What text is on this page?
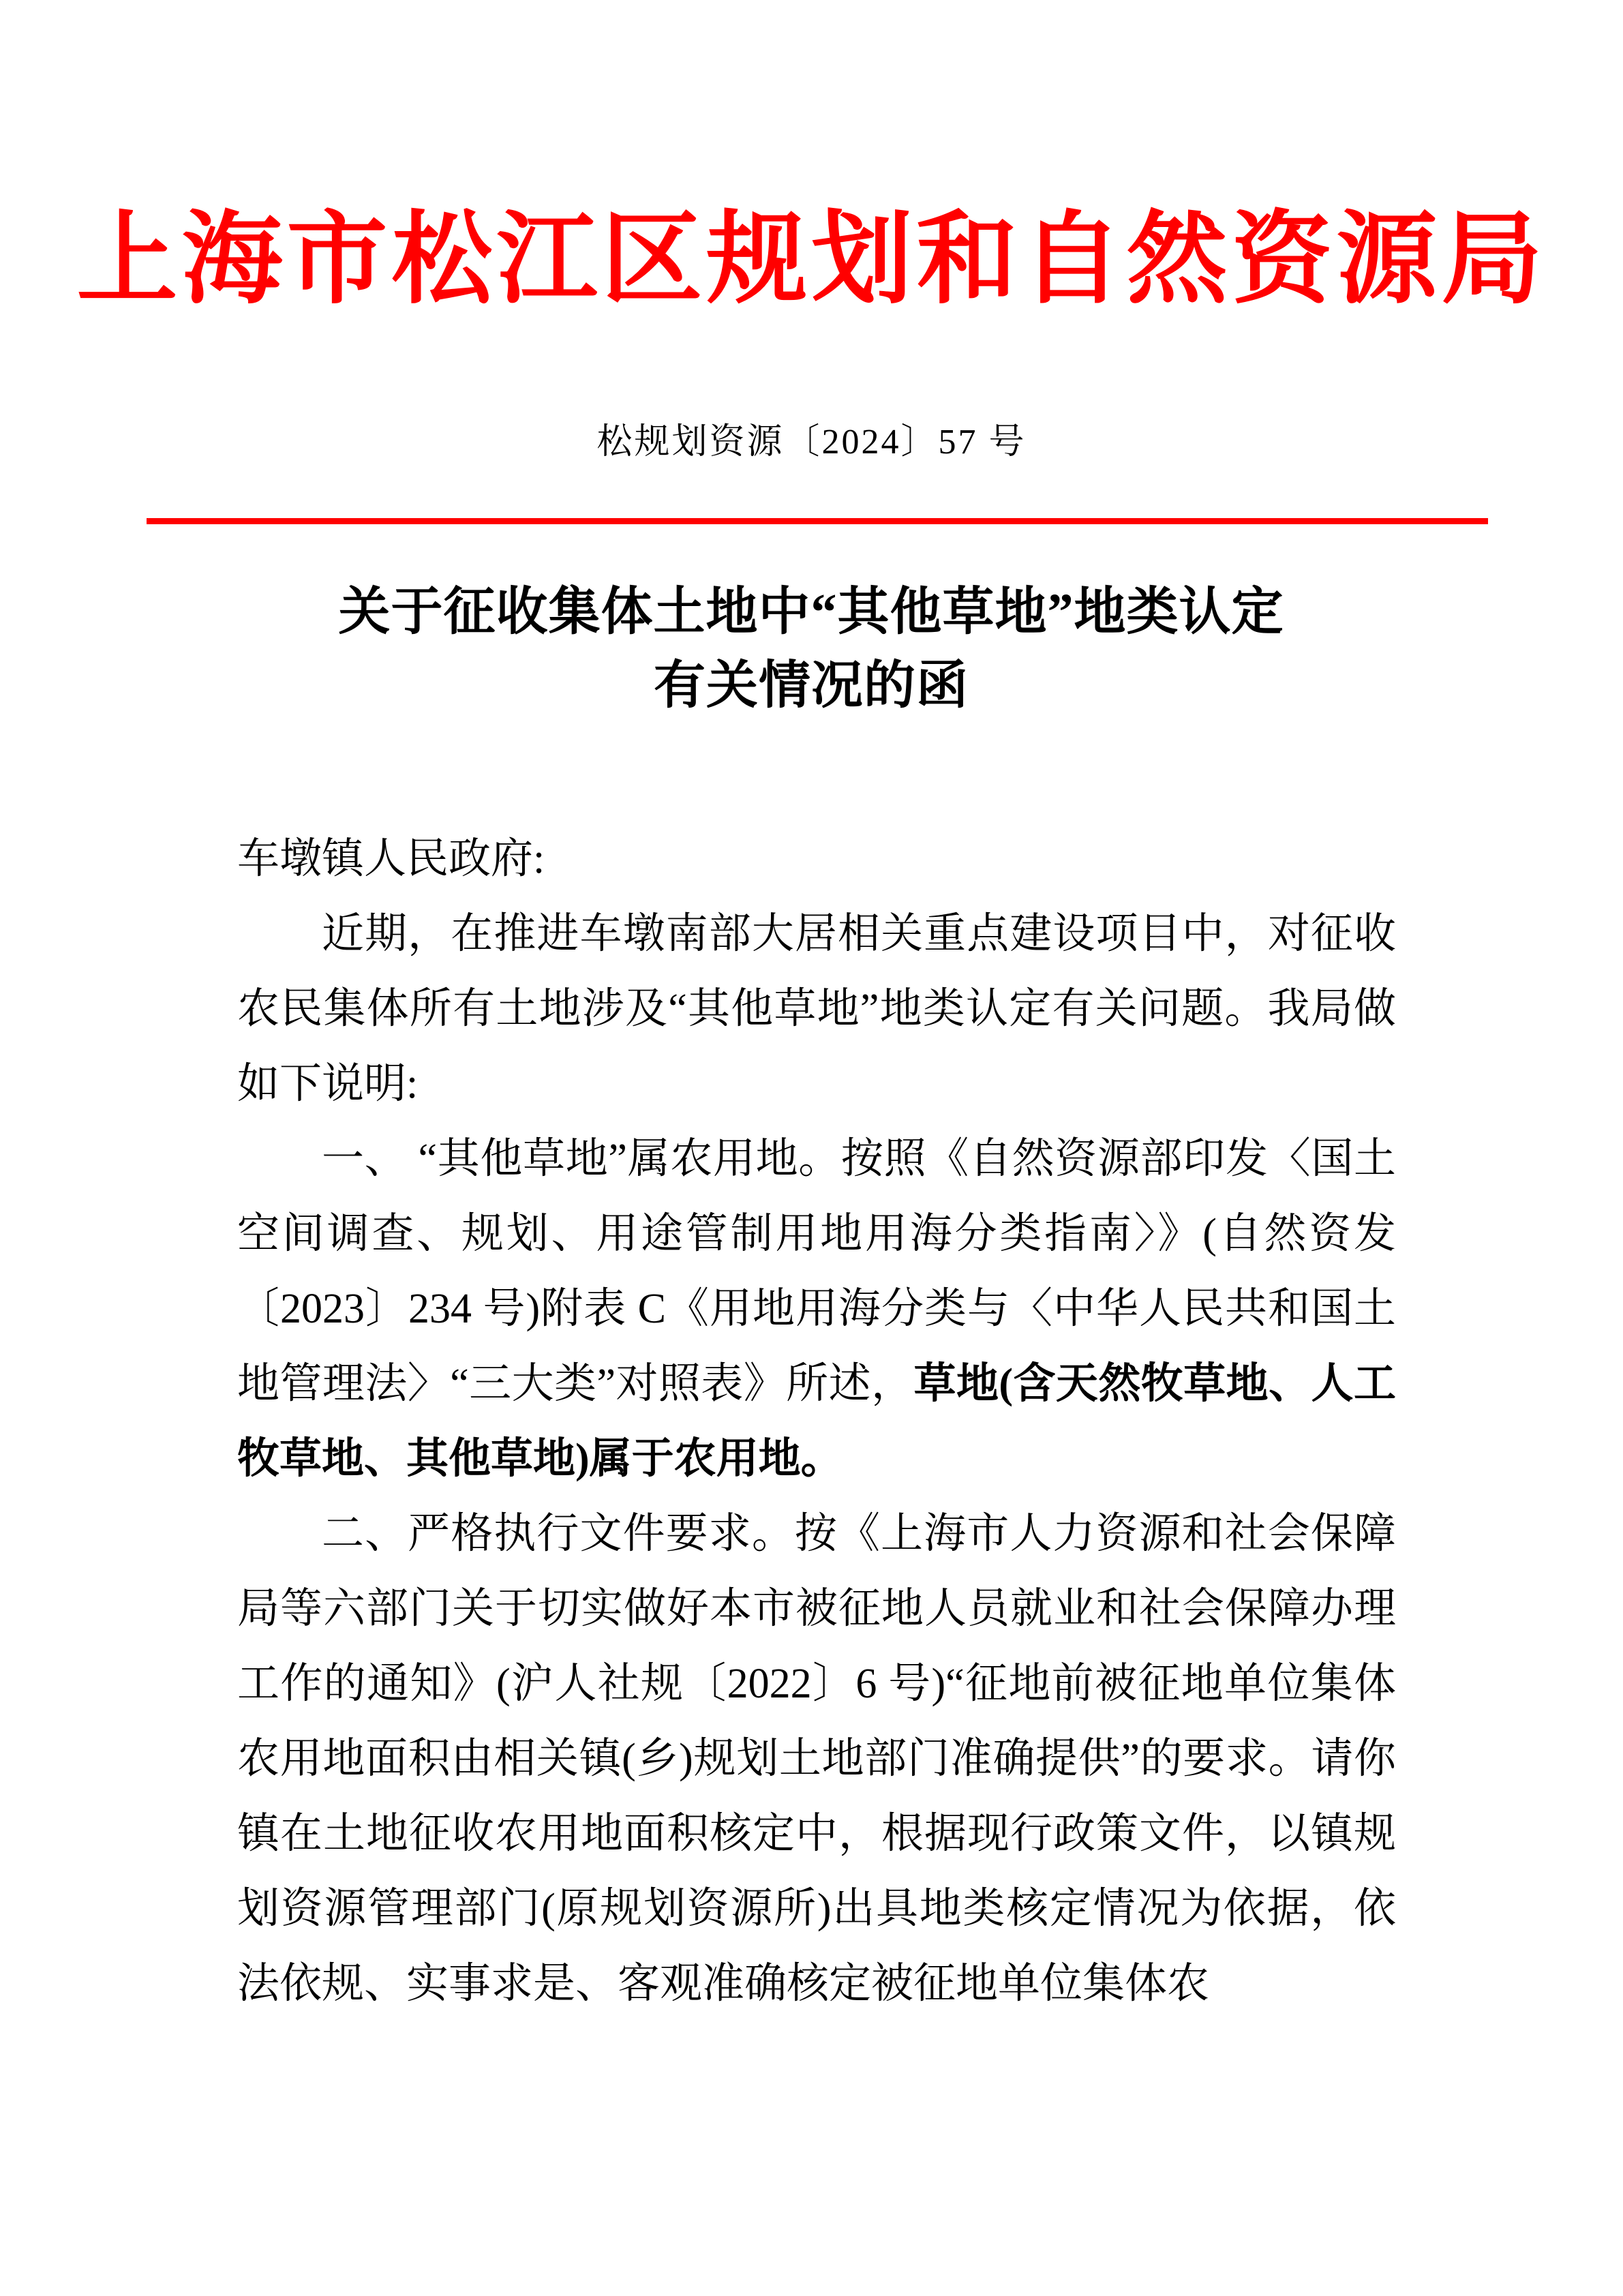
上海市松江区规划和自然资源局
松规划资源〔2024〕57 号
关于征收集体土地中“其他草地”地类认定
有关情况的函

车墩镇人民政府:

近期，在推进车墩南部大居相关重点建设项目中，对征收农民集体所有土地涉及“其他草地”地类认定有关问题。我局做如下说明:

一、 “其他草地”属农用地。按照《自然资源部印发〈国土空间调查、规划、用途管制用地用海分类指南〉》(自然资发〔2023〕234 号)附表 C《用地用海分类与〈中华人民共和国土地管理法〉“三大类”对照表》所述，草地(含天然牧草地、人工牧草地、其他草地)属于农用地。

二、严格执行文件要求。按《上海市人力资源和社会保障局等六部门关于切实做好本市被征地人员就业和社会保障办理工作的通知》(沪人社规〔2022〕6 号)“征地前被征地单位集体农用地面积由相关镇(乡)规划土地部门准确提供”的要求。请你镇在土地征收农用地面积核定中，根据现行政策文件，以镇规划资源管理部门(原规划资源所)出具地类核定情况为依据，依法依规、实事求是、客观准确核定被征地单位集体农
